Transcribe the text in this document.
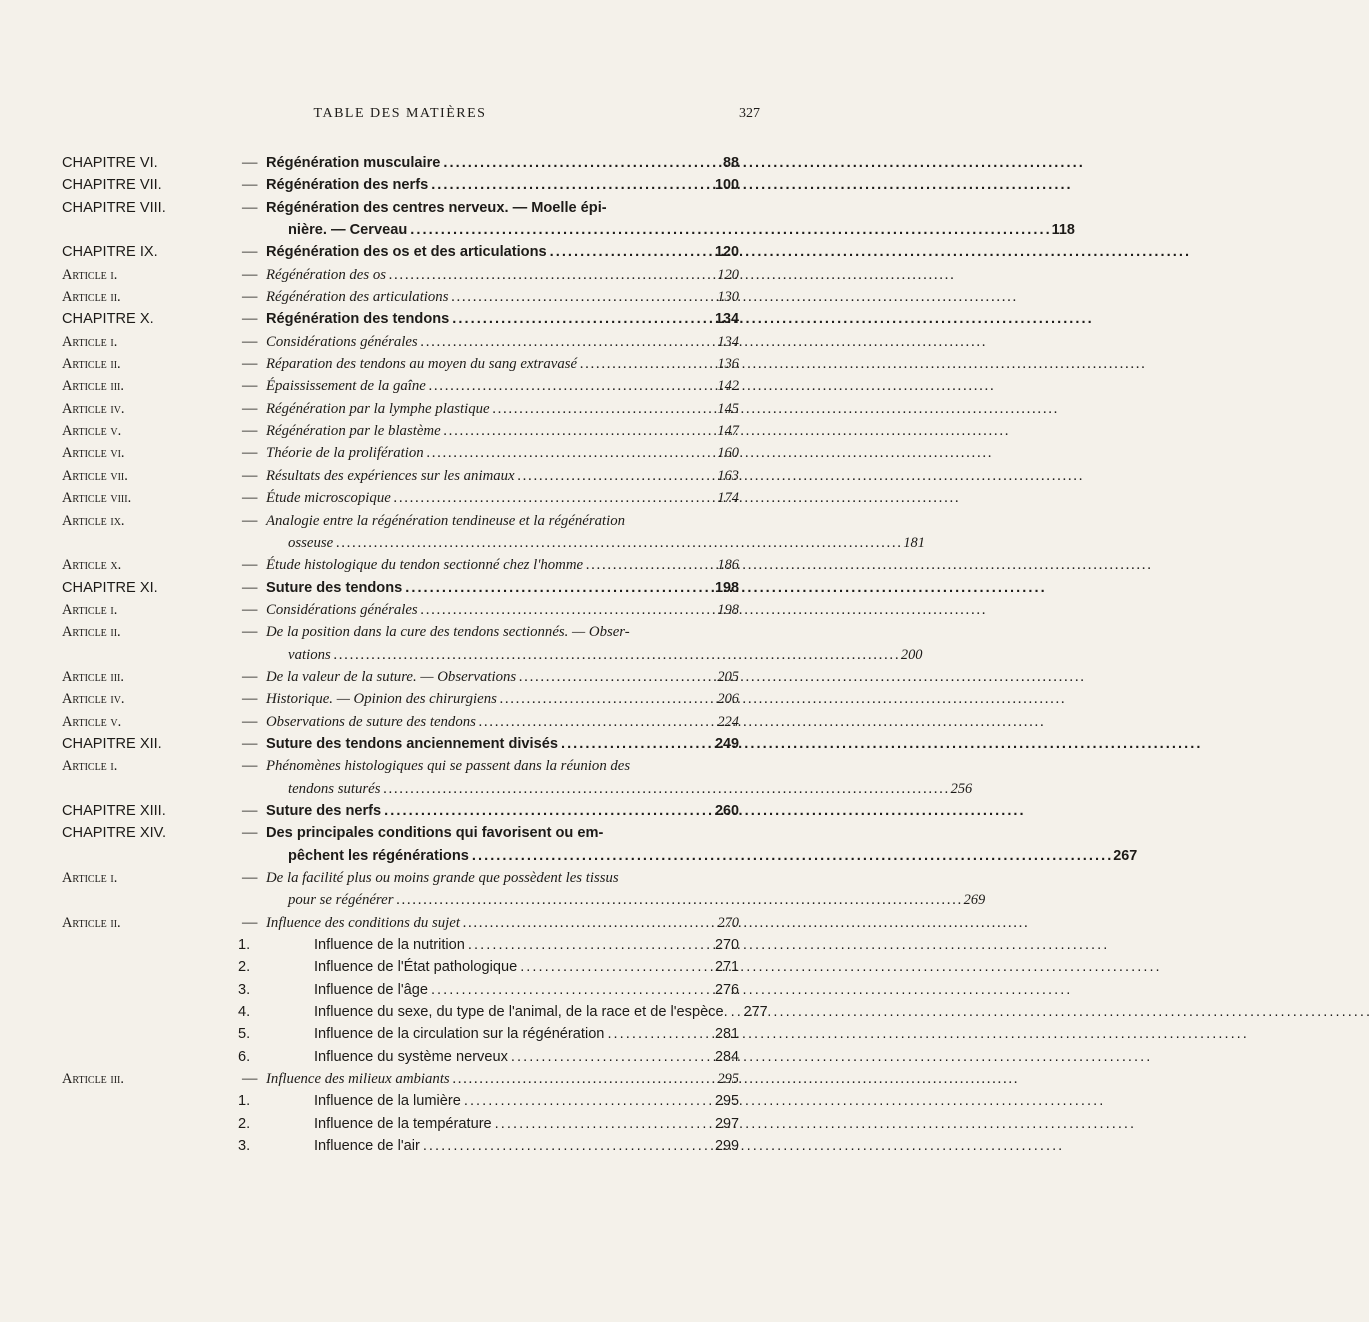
TABLE DES MATIÈRES	327
CHAPITRE VI.	— Régénération musculaire . . .	88
CHAPITRE VII.	— Régénération des nerfs . . .	100
CHAPITRE VIII.	— Régénération des centres nerveux. — Moelle épi-
nière. — Cerveau . . .	118
CHAPITRE IX.	— Régénération des os et des articulations . . .	120
Article i.	— Régénération des os . . .	120
Article ii.	— Régénération des articulations . . .	130
CHAPITRE X.	— Régénération des tendons . . .	134
Article i.	— Considérations générales . . .	134
Article ii.	— Réparation des tendons au moyen du sang extravasé . . .	136
Article iii.	— Épaississement de la gaîne . . .	142
Article iv.	— Régénération par la lymphe plastique . . .	145
Article v.	— Régénération par le blastème . . .	147
Article vi.	— Théorie de la prolifération . . .	160
Article vii.	— Résultats des expériences sur les animaux . . .	163
Article viii.	— Étude microscopique . . .	174
Article ix.	— Analogie entre la régénération tendineuse et la régénération
osseuse . . .	181
Article x.	— Étude histologique du tendon sectionné chez l'homme . . .	186
CHAPITRE XI.	— Suture des tendons . . .	198
Article i.	— Considérations générales . . .	198
Article ii.	— De la position dans la cure des tendons sectionnés. — Obser-
vations . . .	200
Article iii.	— De la valeur de la suture. — Observations . . .	205
Article iv.	— Historique. — Opinion des chirurgiens . . .	206
Article v.	— Observations de suture des tendons . . .	224
CHAPITRE XII.	— Suture des tendons anciennement divisés . . .	249
Article i.	— Phénomènes histologiques qui se passent dans la réunion des
tendons suturés . . .	256
CHAPITRE XIII.	— Suture des nerfs . . .	260
CHAPITRE XIV.	— Des principales conditions qui favorisent ou em-
pêchent les régénérations . . .	267
Article i.	— De la facilité plus ou moins grande que possèdent les tissus
pour se régénérer . . .	269
Article ii.	— Influence des conditions du sujet . . .	270
1.	Influence de la nutrition . . .	270
2.	Influence de l'État pathologique . . .	271
3.	Influence de l'âge . . .	276
4.	Influence du sexe, du type de l'animal, de la race et de l'espèce. . . . 277
5.	Influence de la circulation sur la régénération . . .	281
6.	Influence du système nerveux . . .	284
Article iii.	— Influence des milieux ambiants . . .	295
1.	Influence de la lumière . . .	295
2.	Influence de la température . . .	297
3.	Influence de l'air . . .	299
